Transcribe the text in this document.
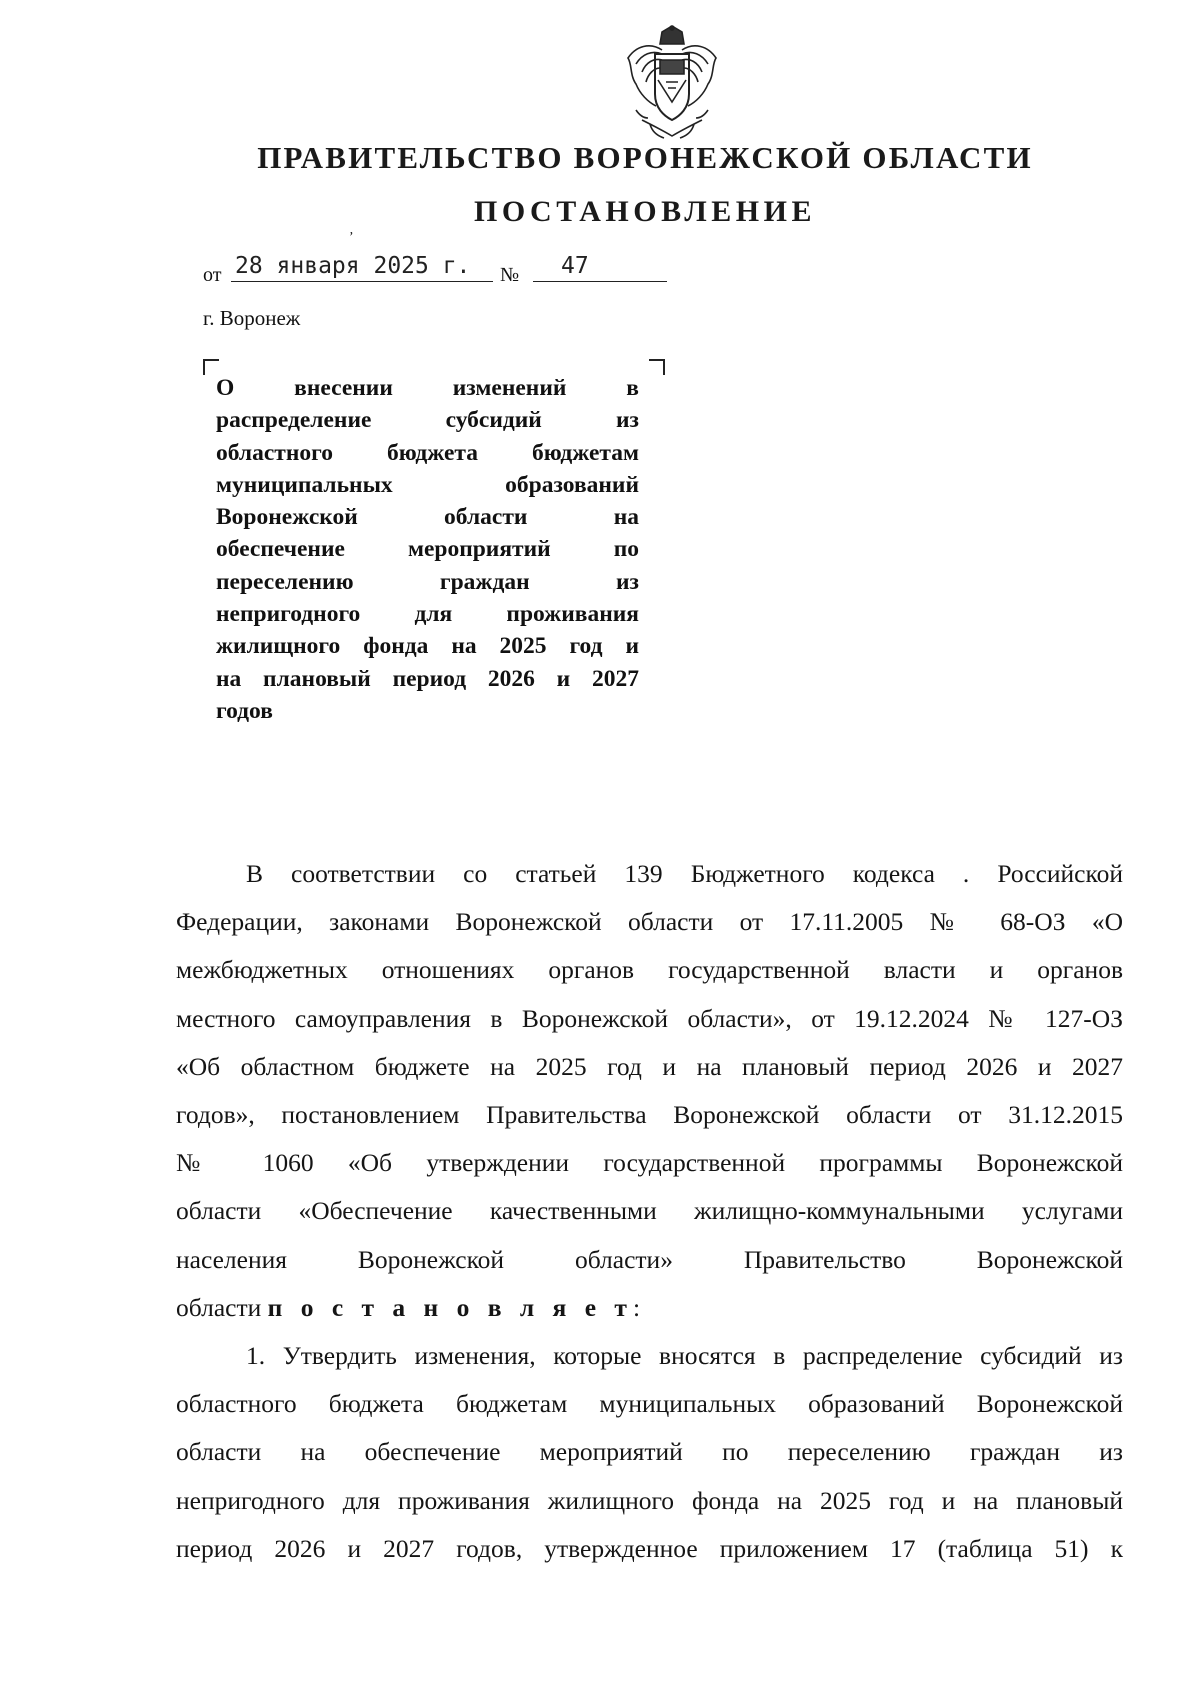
ПРАВИТЕЛЬСТВО ВОРОНЕЖСКОЙ ОБЛАСТИ
ПОСТАНОВЛЕНИЕ
ʼ
от 28 января 2025 г.	№	47
г. Воронеж
О внесении изменений в
распределение субсидий из
областного бюджета бюджетам
муниципальных образований
Воронежской области на
обеспечение мероприятий по
переселению граждан из
непригодного для проживания
жилищного фонда на 2025 год и
на плановый период 2026 и 2027
годов
В соответствии со статьей 139 Бюджетного кодекса . Российской
Федерации, законами Воронежской области от 17.11.2005 № 68-ОЗ «О
межбюджетных отношениях органов государственной власти и органов
местного самоуправления в Воронежской области», от 19.12.2024 № 127-ОЗ
«Об областном бюджете на 2025 год и на плановый период 2026 и 2027
годов», постановлением Правительства Воронежской области от 31.12.2015
№ 1060 «Об утверждении государственной программы Воронежской
области «Обеспечение качественными жилищно-коммунальными услугами
населения Воронежской области» Правительство Воронежской
области п о с т а н о в л я е т:
1. Утвердить изменения, которые вносятся в распределение субсидий из
областного бюджета бюджетам муниципальных образований Воронежской
области на обеспечение мероприятий по переселению граждан из
непригодного для проживания жилищного фонда на 2025 год и на плановый
период 2026 и 2027 годов, утвержденное приложением 17 (таблица 51) к
